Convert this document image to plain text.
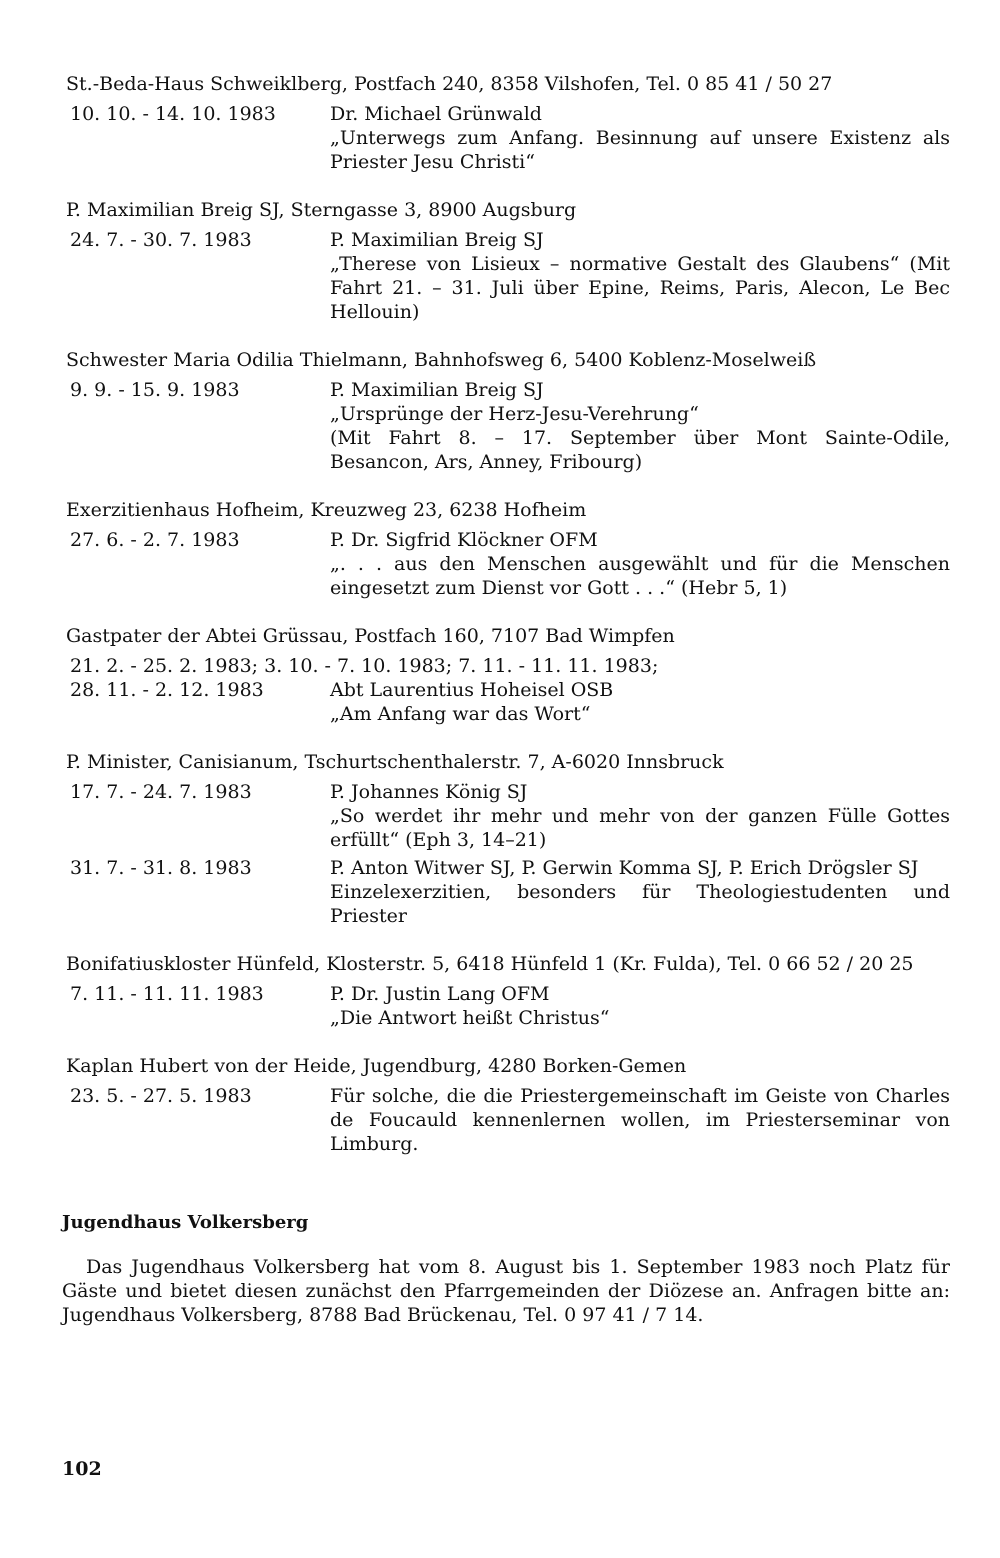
St.-Beda-Haus Schweiklberg, Postfach 240, 8358 Vilshofen, Tel. 0 85 41 / 50 27
10. 10. - 14. 10. 1983	Dr. Michael Grünwald
„Unterwegs zum Anfang. Besinnung auf unsere Existenz als Priester Jesu Christi“
P. Maximilian Breig SJ, Sterngasse 3, 8900 Augsburg
24. 7. - 30. 7. 1983	P. Maximilian Breig SJ
„Therese von Lisieux – normative Gestalt des Glaubens“ (Mit Fahrt 21. – 31. Juli über Epine, Reims, Paris, Alecon, Le Bec Hellouin)
Schwester Maria Odilia Thielmann, Bahnhofsweg 6, 5400 Koblenz-Moselweiß
9. 9. - 15. 9. 1983	P. Maximilian Breig SJ
„Ursprünge der Herz-Jesu-Verehrung“
(Mit Fahrt 8. – 17. September über Mont Sainte-Odile, Besancon, Ars, Anney, Fribourg)
Exerzitienhaus Hofheim, Kreuzweg 23, 6238 Hofheim
27. 6. - 2. 7. 1983	P. Dr. Sigfrid Klöckner OFM
„. . . aus den Menschen ausgewählt und für die Menschen eingesetzt zum Dienst vor Gott . . .“ (Hebr 5, 1)
Gastpater der Abtei Grüssau, Postfach 160, 7107 Bad Wimpfen
21. 2. - 25. 2. 1983; 3. 10. - 7. 10. 1983; 7. 11. - 11. 11. 1983;
28. 11. - 2. 12. 1983	Abt Laurentius Hoheisel OSB
„Am Anfang war das Wort“
P. Minister, Canisianum, Tschurtschenthalerstr. 7, A-6020 Innsbruck
17. 7. - 24. 7. 1983	P. Johannes König SJ
„So werdet ihr mehr und mehr von der ganzen Fülle Gottes erfüllt“ (Eph 3, 14–21)
31. 7. - 31. 8. 1983	P. Anton Witwer SJ, P. Gerwin Komma SJ, P. Erich Drögsler SJ
Einzelexerzitien, besonders für Theologiestudenten und Priester
Bonifatiuskloster Hünfeld, Klosterstr. 5, 6418 Hünfeld 1 (Kr. Fulda), Tel. 0 66 52 / 20 25
7. 11. - 11. 11. 1983	P. Dr. Justin Lang OFM
„Die Antwort heißt Christus“
Kaplan Hubert von der Heide, Jugendburg, 4280 Borken-Gemen
23. 5. - 27. 5. 1983	Für solche, die die Priestergemeinschaft im Geiste von Charles de Foucauld kennenlernen wollen, im Priesterseminar von Limburg.
Jugendhaus Volkersberg
Das Jugendhaus Volkersberg hat vom 8. August bis 1. September 1983 noch Platz für Gäste und bietet diesen zunächst den Pfarrgemeinden der Diözese an. Anfragen bitte an: Jugendhaus Volkersberg, 8788 Bad Brückenau, Tel. 0 97 41 / 7 14.
102
